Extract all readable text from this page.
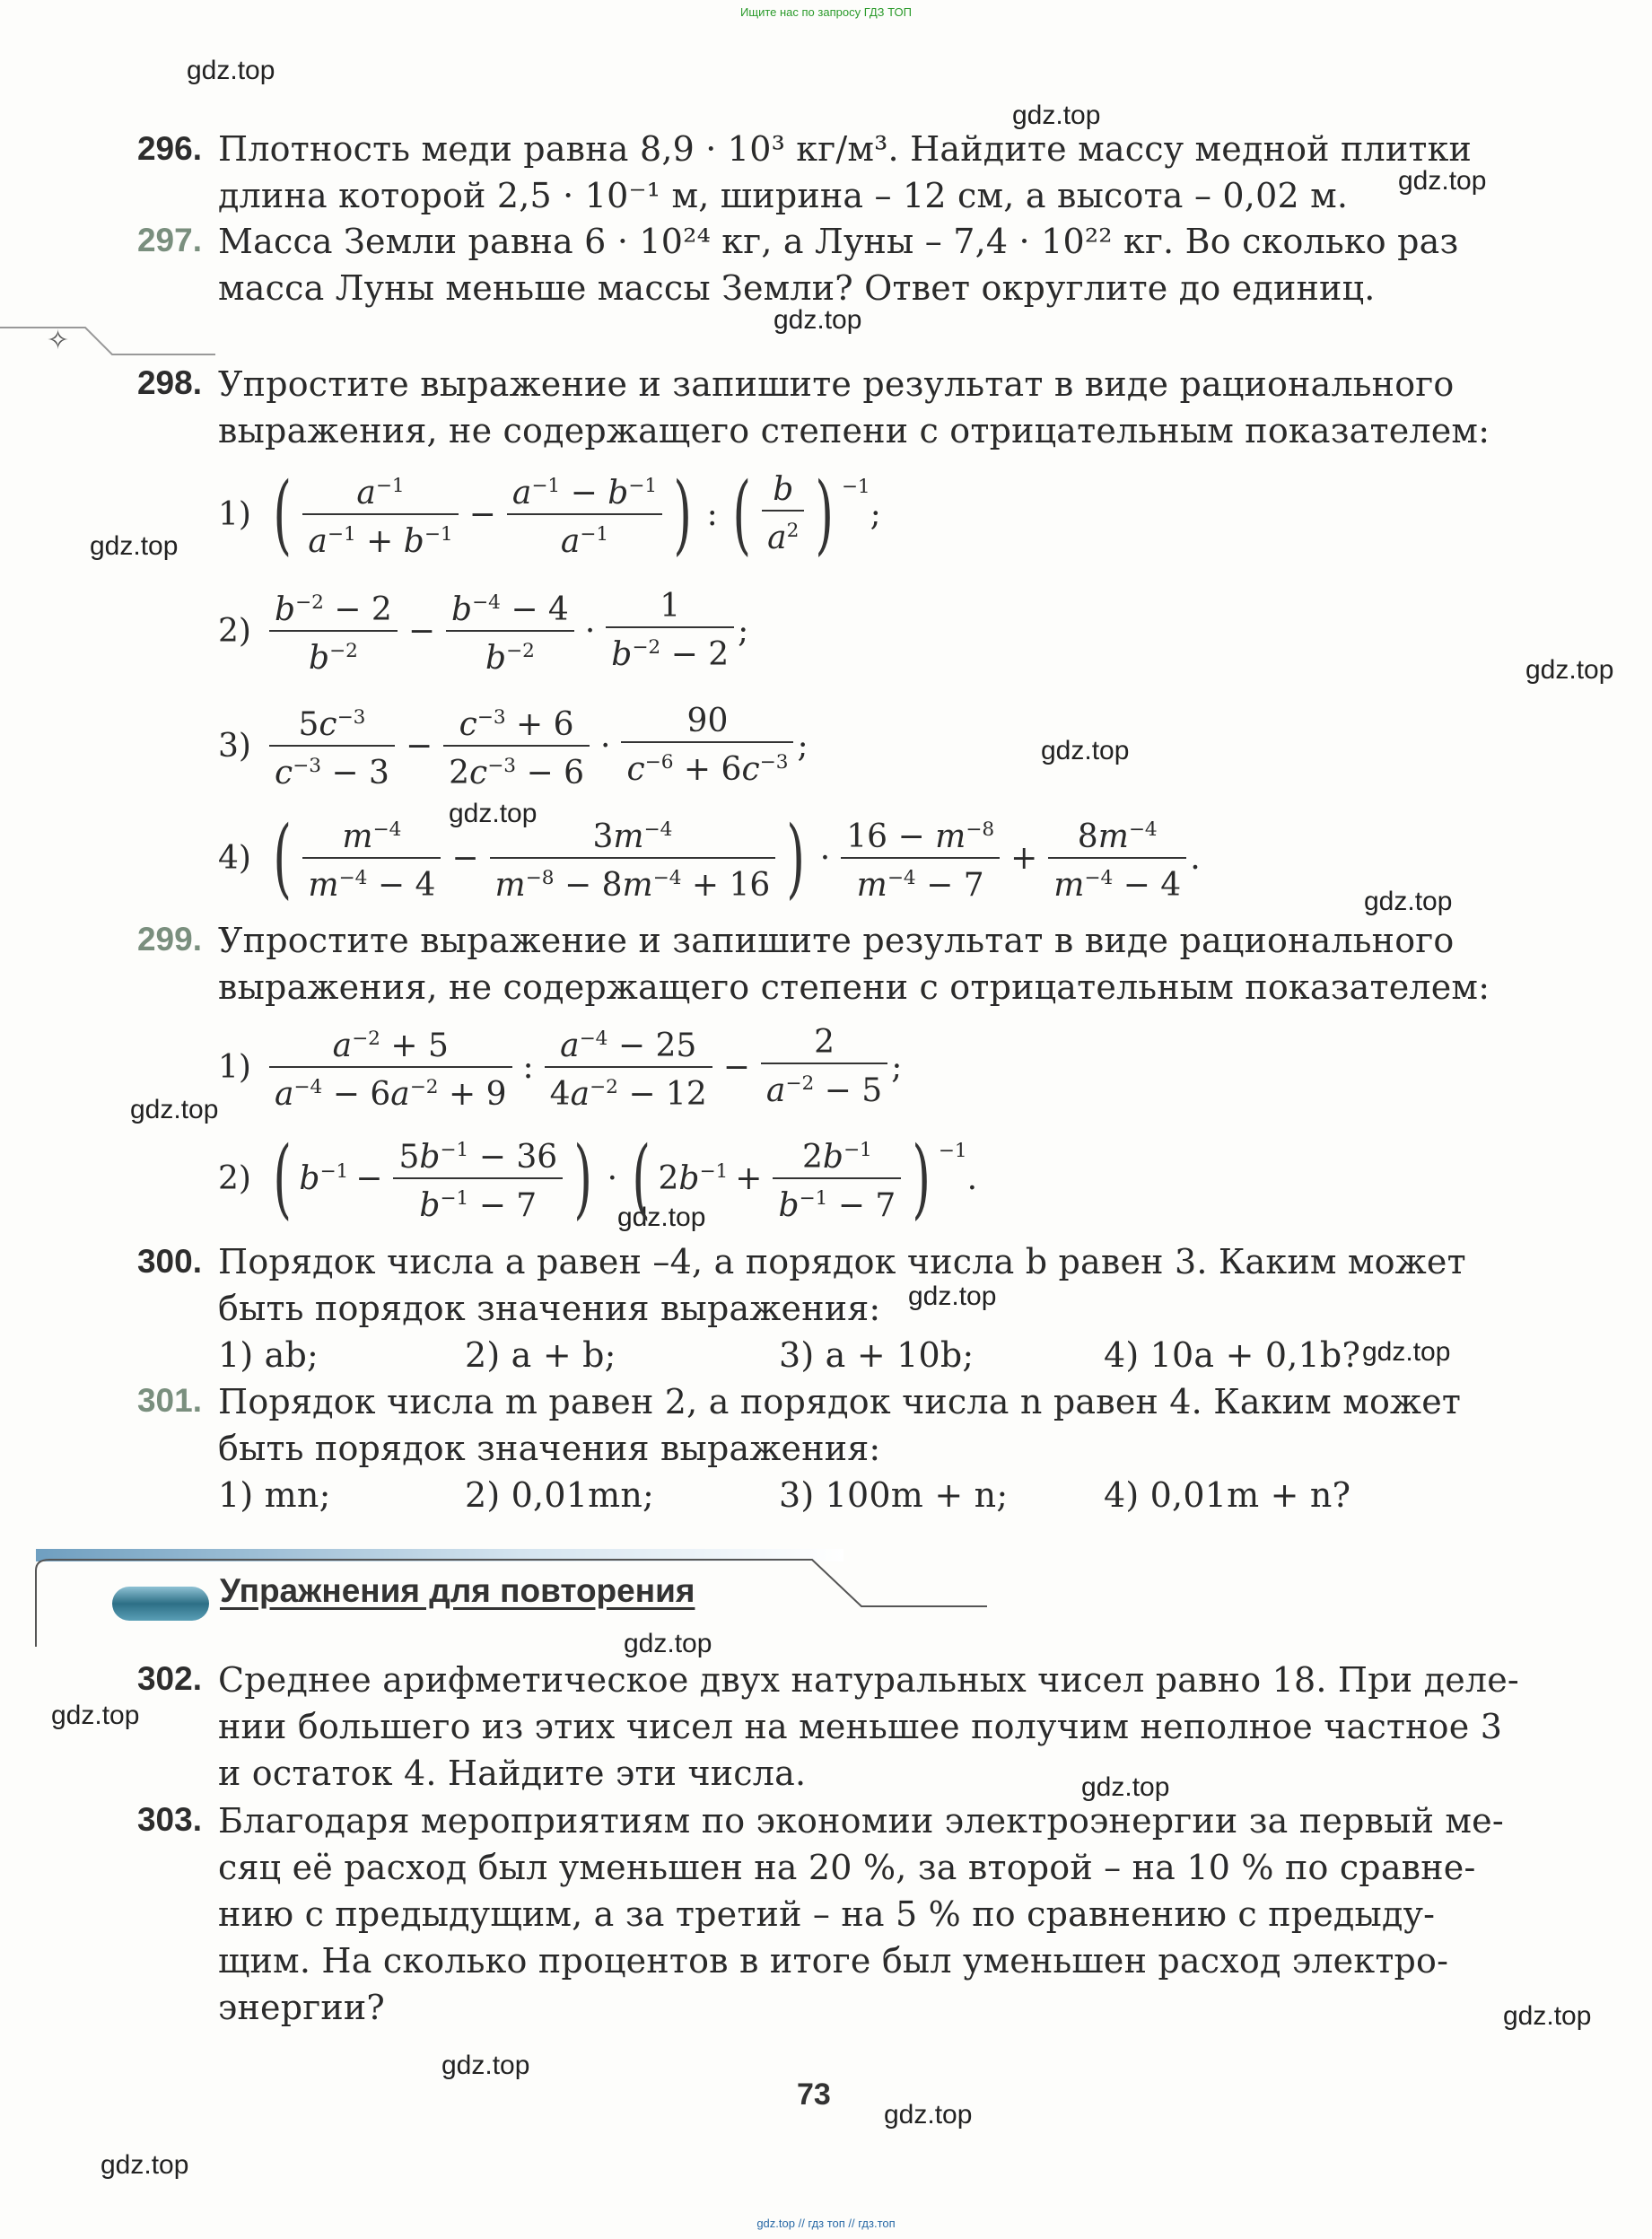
Ищите нас по запросу ГДЗ ТОП
gdz.top
gdz.top
gdz.top
gdz.top
gdz.top
gdz.top
gdz.top
gdz.top
gdz.top
gdz.top
gdz.top
gdz.top
gdz.top
gdz.top
gdz.top
gdz.top
gdz.top
gdz.top
gdz.top
gdz.top
296. Плотность меди равна 8,9 · 10³ кг/м³. Найдите массу медной плитки
длина которой 2,5 · 10⁻¹ м, ширина – 12 см, а высота – 0,02 м.
297. Масса Земли равна 6 · 10²⁴ кг, а Луны – 7,4 · 10²² кг. Во сколько раз
масса Луны меньше массы Земли? Ответ округлите до единиц.
✧
298. Упростите выражение и запишите результат в виде рационального
выражения, не содержащего степени с отрицательным показателем:
1) (	$a^{-1}$
$a^{-1} + b^{-1}$
− $\frac{a^{-1} - b^{-1}}{a^{-1}}$ ) : ( b
$a^2$ ) $^{-1}$
;
2)
$b^{-2} - 2$
$b^{-2}$
− $\frac{b^{-4} - 4}{b^{-2}}$ ·
1
$b^{-2} - 2$
;
3)
$5c^{-3}$
$c^{-3} - 3$
− $\frac{c^{-3} + 6}{2c^{-3} - 6}$ ·
90
$c^{-6} + 6c^{-3}$ ;
4) (	$m^{-4}$
$m^{-4} - 4$
− $\frac{3m^{-4}}{m^{-8} - 8m^{-4} + 16}$ ) ·
$16 - m^{-8}$
$m^{-4} - 7$
+ $\frac{8m^{-4}}{m^{-4} - 4}$ .
299. Упростите выражение и запишите результат в виде рационального
выражения, не содержащего степени с отрицательным показателем:
1)
$a^{-2} + 5$
$a^{-4} - 6a^{-2} + 9$
:
$a^{-4} - 25$
$4a^{-2} - 12$
− $\frac{2}{a^{-2} - 5}$ ;
2) ( $b^{-1} - \frac{5b^{-1} - 36}{b^{-1} - 7}$ ) · ( $2b^{-1} + \frac{2b^{-1}}{b^{-1} - 7}$ ) $^{-1}$
.
300. Порядок числа a равен –4, а порядок числа b равен 3. Каким может
быть порядок значения выражения:
1) ab;	2) a + b;	3) a + 10b;	4) 10a + 0,1b?
301. Порядок числа m равен 2, а порядок числа n равен 4. Каким может
быть порядок значения выражения:
1) mn;	2) 0,01mn;	3) 100m + n;	4) 0,01m + n?
Упражнения для повторения
302. Среднее арифметическое двух натуральных чисел равно 18. При деле-
нии большего из этих чисел на меньшее получим неполное частное 3
и остаток 4. Найдите эти числа.
303. Благодаря мероприятиям по экономии электроэнергии за первый ме-
сяц её расход был уменьшен на 20 %, за второй – на 10 % по сравне-
нию с предыдущим, а за третий – на 5 % по сравнению с предыду-
щим. На сколько процентов в итоге был уменьшен расход электро-
энергии?
73
gdz.top // гдз топ // гдз.топ
